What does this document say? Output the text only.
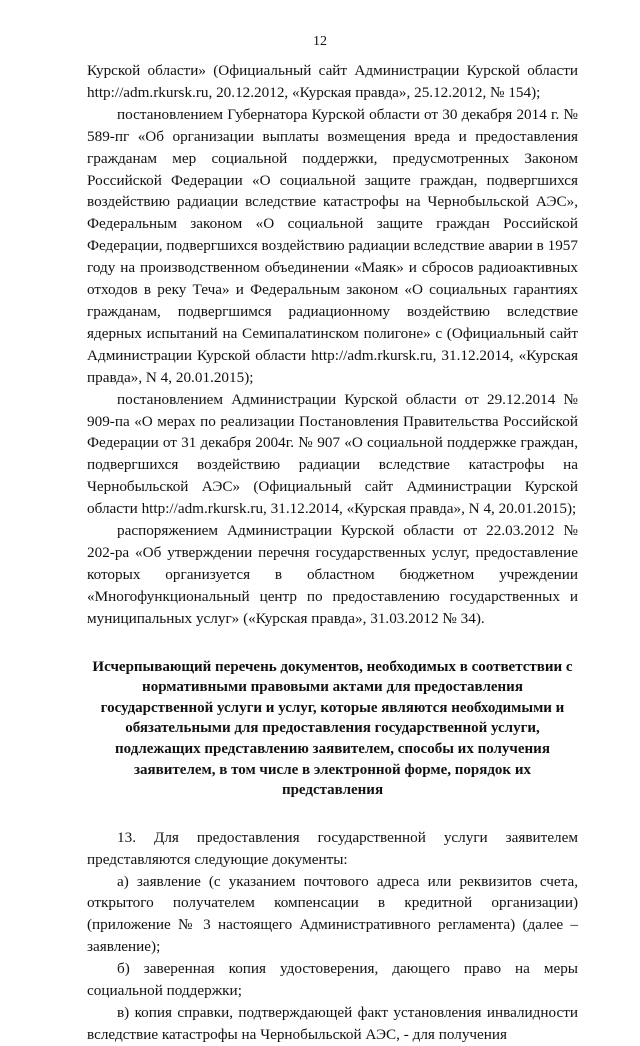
12

Курской области» (Официальный сайт Администрации Курской области http://adm.rkursk.ru, 20.12.2012, «Курская правда», 25.12.2012, № 154);

постановлением Губернатора Курской области от 30 декабря 2014 г. № 589-пг «Об организации выплаты возмещения вреда и предоставления гражданам мер социальной поддержки, предусмотренных Законом Российской Федерации «О социальной защите граждан, подвергшихся воздействию радиации вследствие катастрофы на Чернобыльской АЭС», Федеральным законом «О социальной защите граждан Российской Федерации, подвергшихся воздействию радиации вследствие аварии в 1957 году на производственном объединении «Маяк» и сбросов радиоактивных отходов в реку Теча» и Федеральным законом «О социальных гарантиях гражданам, подвергшимся радиационному воздействию вследствие ядерных испытаний на Семипалатинском полигоне» с (Официальный сайт Администрации Курской области http://adm.rkursk.ru, 31.12.2014, «Курская правда», N 4, 20.01.2015);

постановлением Администрации Курской области от 29.12.2014 № 909-па «О мерах по реализации Постановления Правительства Российской Федерации от 31 декабря 2004г. № 907 «О социальной поддержке граждан, подвергшихся воздействию радиации вследствие катастрофы на Чернобыльской АЭС» (Официальный сайт Администрации Курской области http://adm.rkursk.ru, 31.12.2014, «Курская правда», N 4, 20.01.2015);

распоряжением Администрации Курской области от 22.03.2012 № 202-ра «Об утверждении перечня государственных услуг, предоставление которых организуется в областном бюджетном учреждении «Многофункциональный центр по предоставлению государственных и муниципальных услуг» («Курская правда», 31.03.2012 № 34).

Исчерпывающий перечень документов, необходимых в соответствии с нормативными правовыми актами для предоставления государственной услуги и услуг, которые являются необходимыми и обязательными для предоставления государственной услуги, подлежащих представлению заявителем, способы их получения заявителем, в том числе в электронной форме, порядок их представления

13. Для предоставления государственной услуги заявителем представляются следующие документы:

а) заявление (с указанием почтового адреса или реквизитов счета, открытого получателем компенсации в кредитной организации) (приложение № 3 настоящего Административного регламента) (далее – заявление);

б) заверенная копия удостоверения, дающего право на меры социальной поддержки;

в) копия справки, подтверждающей факт установления инвалидности вследствие катастрофы на Чернобыльской АЭС, - для получения
